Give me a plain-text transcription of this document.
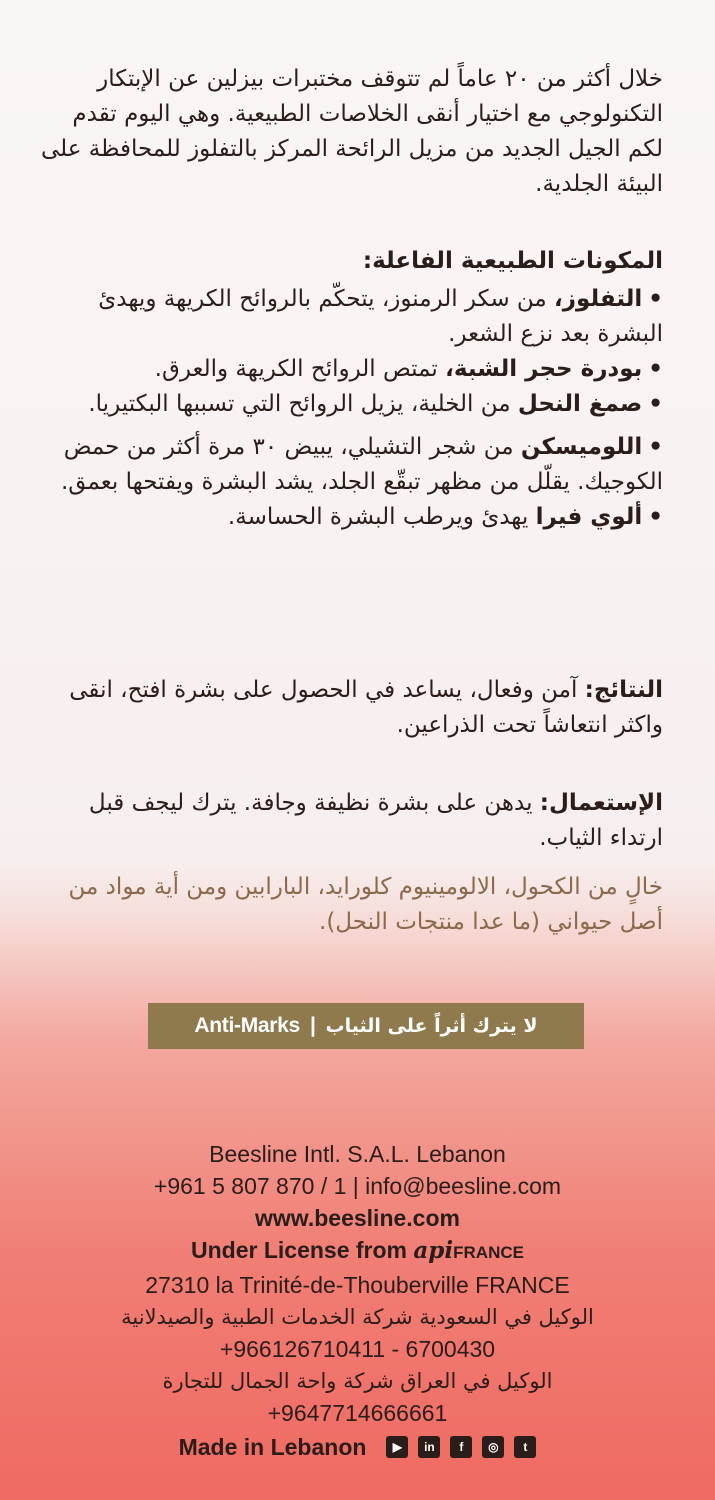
خلال أكثر من ٢٠ عاماً لم تتوقف مختبرات بيزلين عن الإبتكار التكنولوجي مع اختيار أنقى الخلاصات الطبيعية. وهي اليوم تقدم لكم الجيل الجديد من مزيل الرائحة المركز بالتفلوز للمحافظة على البيئة الجلدية.

المكونات الطبيعية الفاعلة:

•التفلوز، من سكر الرمنوز، يتحكّم بالروائح الكريهة ويهدئ البشرة بعد نزع الشعر.

•بودرة حجر الشبة، تمتص الروائح الكريهة والعرق.

•صمغ النحل من الخلية، يزيل الروائح التي تسببها البكتيريا.

•اللوميسكن من شجر التشيلي، يبيض ٣٠ مرة أكثر من حمض الكوجيك. يقلّل من مظهر تبقّع الجلد، يشد البشرة ويفتحها بعمق.

•ألوي فيرا يهدئ ويرطب البشرة الحساسة.

النتائج: آمن وفعال، يساعد في الحصول على بشرة افتح، انقى واكثر انتعاشاً تحت الذراعين.

الإستعمال: يدهن على بشرة نظيفة وجافة. يترك ليجف قبل ارتداء الثياب.

خالٍ من الكحول، الالومينيوم كلورايد، البارابين ومن أية مواد من أصل حيواني (ما عدا منتجات النحل).

Anti-Marks | لا يترك أثراً على الثياب
Beesline Intl. S.A.L. Lebanon
+961 5 807 870 / 1 | info@beesline.com
www.beesline.com
Under License from apiFRANCE
27310 la Trinité-de-Thouberville FRANCE
الوكيل في السعودية شركة الخدمات الطبية والصيدلانية
+966126710411 - 6700430
الوكيل في العراق شركة واحة الجمال للتجارة
+9647714666661
Made in Lebanon	▶	in	f	◎	t
